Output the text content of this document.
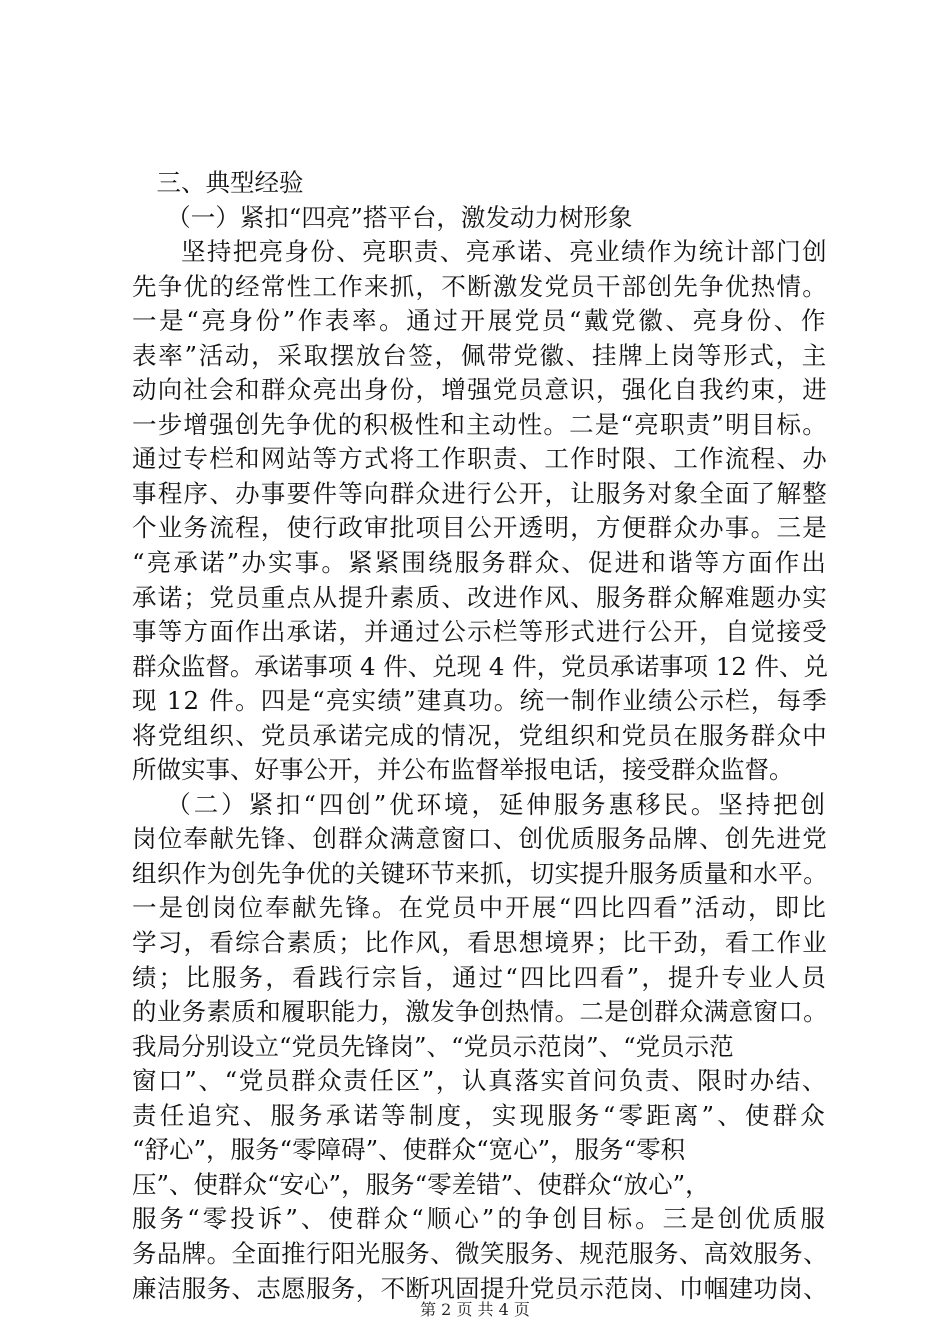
三、典型经验
（一）紧扣“四亮”搭平台，激发动力树形象
坚持把亮身份、亮职责、亮承诺、亮业绩作为统计部门创
先争优的经常性工作来抓，不断激发党员干部创先争优热情。
一是“亮身份”作表率。通过开展党员“戴党徽、亮身份、作
表率”活动，采取摆放台签，佩带党徽、挂牌上岗等形式，主
动向社会和群众亮出身份，增强党员意识，强化自我约束，进
一步增强创先争优的积极性和主动性。二是“亮职责”明目标。
通过专栏和网站等方式将工作职责、工作时限、工作流程、办
事程序、办事要件等向群众进行公开，让服务对象全面了解整
个业务流程，使行政审批项目公开透明，方便群众办事。三是
“亮承诺”办实事。紧紧围绕服务群众、促进和谐等方面作出
承诺；党员重点从提升素质、改进作风、服务群众解难题办实
事等方面作出承诺，并通过公示栏等形式进行公开，自觉接受
群众监督。承诺事项 4 件、兑现 4 件，党员承诺事项 12 件、兑
现 12 件。四是“亮实绩”建真功。统一制作业绩公示栏，每季
将党组织、党员承诺完成的情况，党组织和党员在服务群众中
所做实事、好事公开，并公布监督举报电话，接受群众监督。
（二）紧扣“四创”优环境，延伸服务惠移民。坚持把创
岗位奉献先锋、创群众满意窗口、创优质服务品牌、创先进党
组织作为创先争优的关键环节来抓，切实提升服务质量和水平。
一是创岗位奉献先锋。在党员中开展“四比四看”活动，即比
学习，看综合素质；比作风，看思想境界；比干劲，看工作业
绩；比服务，看践行宗旨，通过“四比四看”，提升专业人员
的业务素质和履职能力，激发争创热情。二是创群众满意窗口。
我局分别设立“党员先锋岗”、“党员示范岗”、“党员示范
窗口”、“党员群众责任区”，认真落实首问负责、限时办结、
责任追究、服务承诺等制度，实现服务“零距离”、使群众
“舒心”，服务“零障碍”、使群众“宽心”，服务“零积
压”、使群众“安心”，服务“零差错”、使群众“放心”，
服务“零投诉”、使群众“顺心”的争创目标。三是创优质服
务品牌。全面推行阳光服务、微笑服务、规范服务、高效服务、
廉洁服务、志愿服务，不断巩固提升党员示范岗、巾帼建功岗、
第 2 页 共 4 页
